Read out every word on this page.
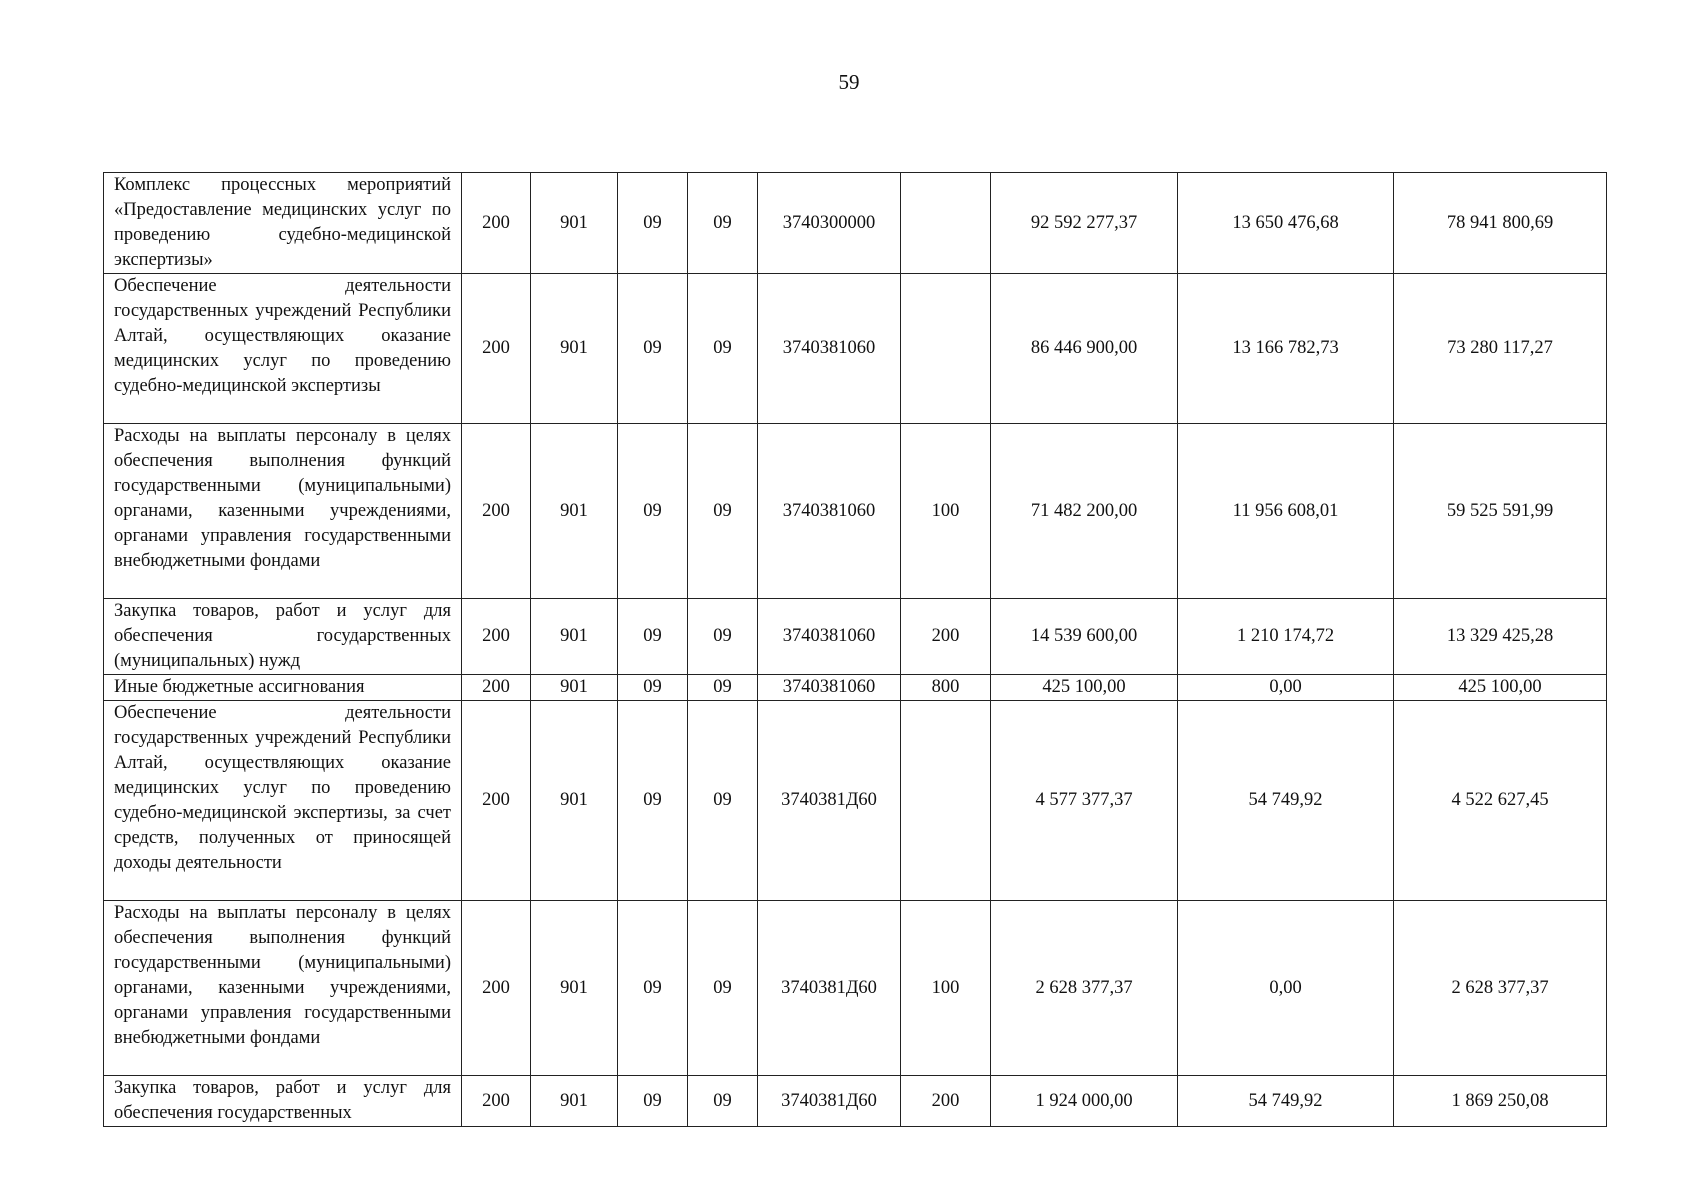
59
Комплекс процессных мероприятий «Предоставление медицинских услуг по проведению судебно-медицинской экспертизы»	200	901	09	09	3740300000		92 592 277,37	13 650 476,68	78 941 800,69
Обеспечение деятельности государственных учреждений Республики Алтай, осуществляющих оказание медицинских услуг по проведению судебно-медицинской экспертизы	200	901	09	09	3740381060		86 446 900,00	13 166 782,73	73 280 117,27
Расходы на выплаты персоналу в целях обеспечения выполнения функций государственными (муниципальными) органами, казенными учреждениями, органами управления государственными внебюджетными фондами	200	901	09	09	3740381060	100	71 482 200,00	11 956 608,01	59 525 591,99
Закупка товаров, работ и услуг для обеспечения государственных (муниципальных) нужд	200	901	09	09	3740381060	200	14 539 600,00	1 210 174,72	13 329 425,28
Иные бюджетные ассигнования	200	901	09	09	3740381060	800	425 100,00	0,00	425 100,00
Обеспечение деятельности государственных учреждений Республики Алтай, осуществляющих оказание медицинских услуг по проведению судебно-медицинской экспертизы, за счет средств, полученных от приносящей доходы деятельности	200	901	09	09	3740381Д60		4 577 377,37	54 749,92	4 522 627,45
Расходы на выплаты персоналу в целях обеспечения выполнения функций государственными (муниципальными) органами, казенными учреждениями, органами управления государственными внебюджетными фондами	200	901	09	09	3740381Д60	100	2 628 377,37	0,00	2 628 377,37
Закупка товаров, работ и услуг для обеспечения государственных	200	901	09	09	3740381Д60	200	1 924 000,00	54 749,92	1 869 250,08
